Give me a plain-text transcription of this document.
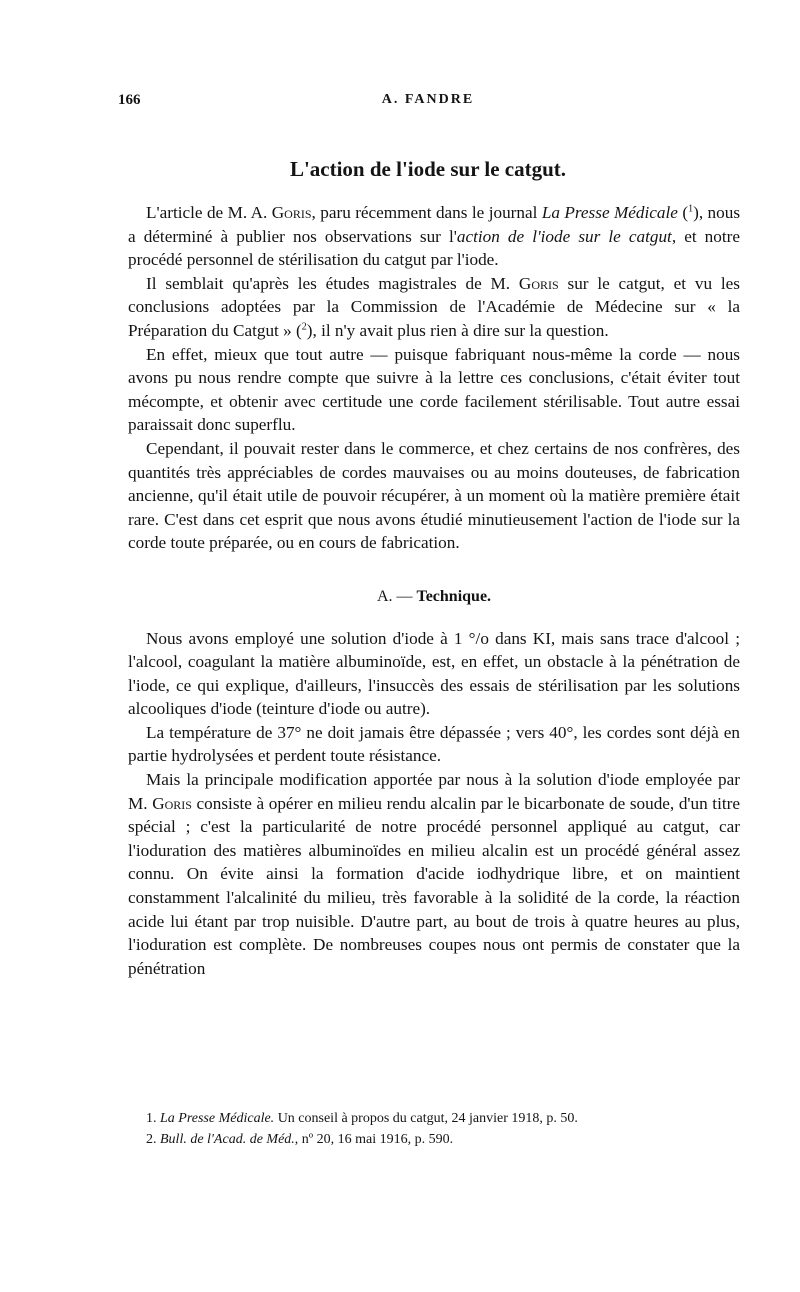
166	A. FANDRE
L'action de l'iode sur le catgut.

L'article de M. A. Goris, paru récemment dans le journal La Presse Médicale ($^1$), nous a déterminé à publier nos observations sur l'action de l'iode sur le catgut, et notre procédé personnel de stérilisation du catgut par l'iode.

Il semblait qu'après les études magistrales de M. Goris sur le catgut, et vu les conclusions adoptées par la Commission de l'Académie de Médecine sur « la Préparation du Catgut » ($^2$), il n'y avait plus rien à dire sur la question.

En effet, mieux que tout autre — puisque fabriquant nous-même la corde — nous avons pu nous rendre compte que suivre à la lettre ces conclusions, c'était éviter tout mécompte, et obtenir avec certitude une corde facilement stérilisable. Tout autre essai paraissait donc superflu.

Cependant, il pouvait rester dans le commerce, et chez certains de nos confrères, des quantités très appréciables de cordes mauvaises ou au moins douteuses, de fabrication ancienne, qu'il était utile de pouvoir récupérer, à un moment où la matière première était rare. C'est dans cet esprit que nous avons étudié minutieusement l'action de l'iode sur la corde toute préparée, ou en cours de fabrication.

A. — Technique.

Nous avons employé une solution d'iode à 1 °/o dans KI, mais sans trace d'alcool ; l'alcool, coagulant la matière albuminoïde, est, en effet, un obstacle à la pénétration de l'iode, ce qui explique, d'ailleurs, l'insuccès des essais de stérilisation par les solutions alcooliques d'iode (teinture d'iode ou autre).

La température de 37° ne doit jamais être dépassée ; vers 40°, les cordes sont déjà en partie hydrolysées et perdent toute résistance.

Mais la principale modification apportée par nous à la solution d'iode employée par M. Goris consiste à opérer en milieu rendu alcalin par le bicarbonate de soude, d'un titre spécial ; c'est la particularité de notre procédé personnel appliqué au catgut, car l'ioduration des matières albuminoïdes en milieu alcalin est un procédé général assez connu. On évite ainsi la formation d'acide iodhydrique libre, et on maintient constamment l'alcalinité du milieu, très favorable à la solidité de la corde, la réaction acide lui étant par trop nuisible. D'autre part, au bout de trois à quatre heures au plus, l'ioduration est complète. De nombreuses coupes nous ont permis de constater que la pénétration

1. La Presse Médicale. Un conseil à propos du catgut, 24 janvier 1918, p. 50.
2. Bull. de l'Acad. de Méd., nº 20, 16 mai 1916, p. 590.
